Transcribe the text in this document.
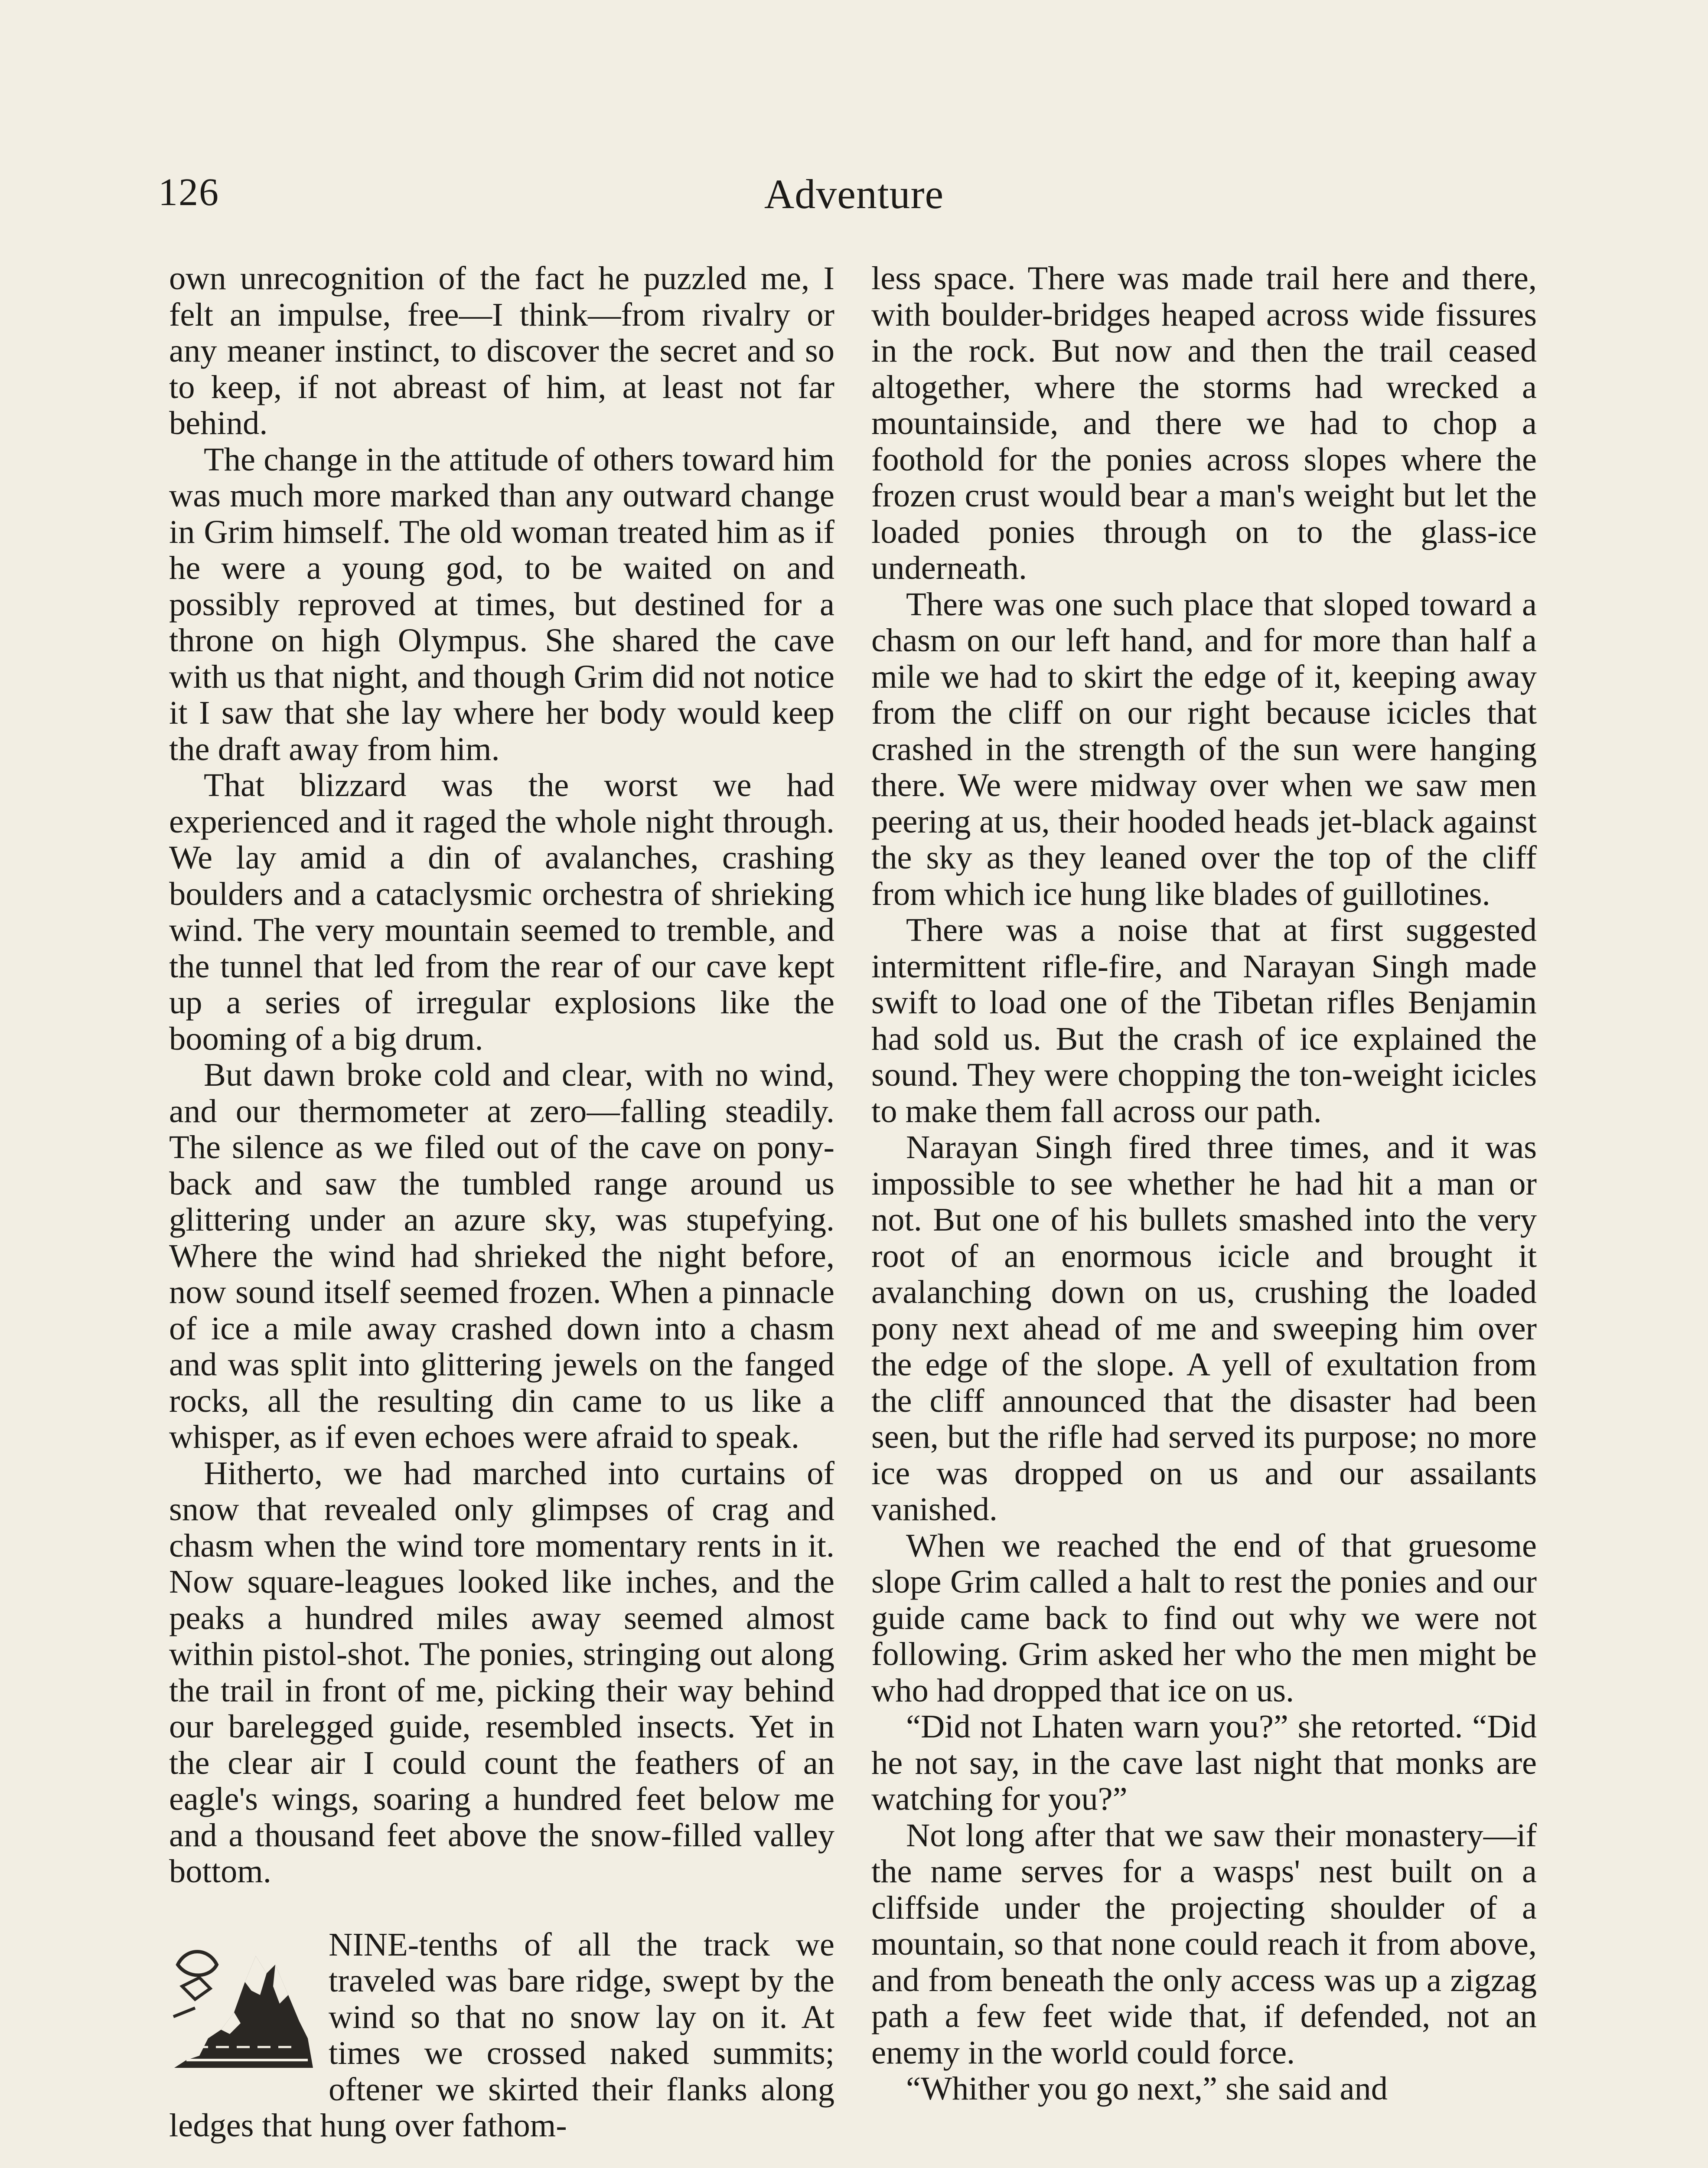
126	Adventure

own unrecognition of the fact he puzzled me, I felt an impulse, free—I think—from rivalry or any meaner instinct, to discover the secret and so to keep, if not abreast of him, at least not far behind.

The change in the attitude of others toward him was much more marked than any outward change in Grim himself. The old woman treated him as if he were a young god, to be waited on and possibly reproved at times, but destined for a throne on high Olympus. She shared the cave with us that night, and though Grim did not notice it I saw that she lay where her body would keep the draft away from him.

That blizzard was the worst we had experienced and it raged the whole night through. We lay amid a din of avalanches, crashing boulders and a cataclysmic orchestra of shrieking wind. The very mountain seemed to tremble, and the tunnel that led from the rear of our cave kept up a series of irregular explosions like the booming of a big drum.

But dawn broke cold and clear, with no wind, and our thermometer at zero—falling steadily. The silence as we filed out of the cave on pony-back and saw the tumbled range around us glittering under an azure sky, was stupefying. Where the wind had shrieked the night before, now sound itself seemed frozen. When a pinnacle of ice a mile away crashed down into a chasm and was split into glittering jewels on the fanged rocks, all the resulting din came to us like a whisper, as if even echoes were afraid to speak.

Hitherto, we had marched into curtains of snow that revealed only glimpses of crag and chasm when the wind tore momentary rents in it. Now square-leagues looked like inches, and the peaks a hundred miles away seemed almost within pistol-shot. The ponies, stringing out along the trail in front of me, picking their way behind our barelegged guide, resembled insects. Yet in the clear air I could count the feathers of an eagle's wings, soaring a hundred feet below me and a thousand feet above the snow-filled valley bottom.

NINE-tenths of all the track we traveled was bare ridge, swept by the wind so that no snow lay on it. At times we crossed naked summits; oftener we skirted their flanks along ledges that hung over fathom-

less space. There was made trail here and there, with boulder-bridges heaped across wide fissures in the rock. But now and then the trail ceased altogether, where the storms had wrecked a mountainside, and there we had to chop a foothold for the ponies across slopes where the frozen crust would bear a man's weight but let the loaded ponies through on to the glass-ice underneath.

There was one such place that sloped toward a chasm on our left hand, and for more than half a mile we had to skirt the edge of it, keeping away from the cliff on our right because icicles that crashed in the strength of the sun were hanging there. We were midway over when we saw men peering at us, their hooded heads jet-black against the sky as they leaned over the top of the cliff from which ice hung like blades of guillotines.

There was a noise that at first suggested intermittent rifle-fire, and Narayan Singh made swift to load one of the Tibetan rifles Benjamin had sold us. But the crash of ice explained the sound. They were chopping the ton-weight icicles to make them fall across our path.

Narayan Singh fired three times, and it was impossible to see whether he had hit a man or not. But one of his bullets smashed into the very root of an enormous icicle and brought it avalanching down on us, crushing the loaded pony next ahead of me and sweeping him over the edge of the slope. A yell of exultation from the cliff announced that the disaster had been seen, but the rifle had served its purpose; no more ice was dropped on us and our assailants vanished.

When we reached the end of that gruesome slope Grim called a halt to rest the ponies and our guide came back to find out why we were not following. Grim asked her who the men might be who had dropped that ice on us.

“Did not Lhaten warn you?” she retorted. “Did he not say, in the cave last night that monks are watching for you?”

Not long after that we saw their monastery—if the name serves for a wasps' nest built on a cliffside under the projecting shoulder of a mountain, so that none could reach it from above, and from beneath the only access was up a zigzag path a few feet wide that, if defended, not an enemy in the world could force.

“Whither you go next,” she said and
